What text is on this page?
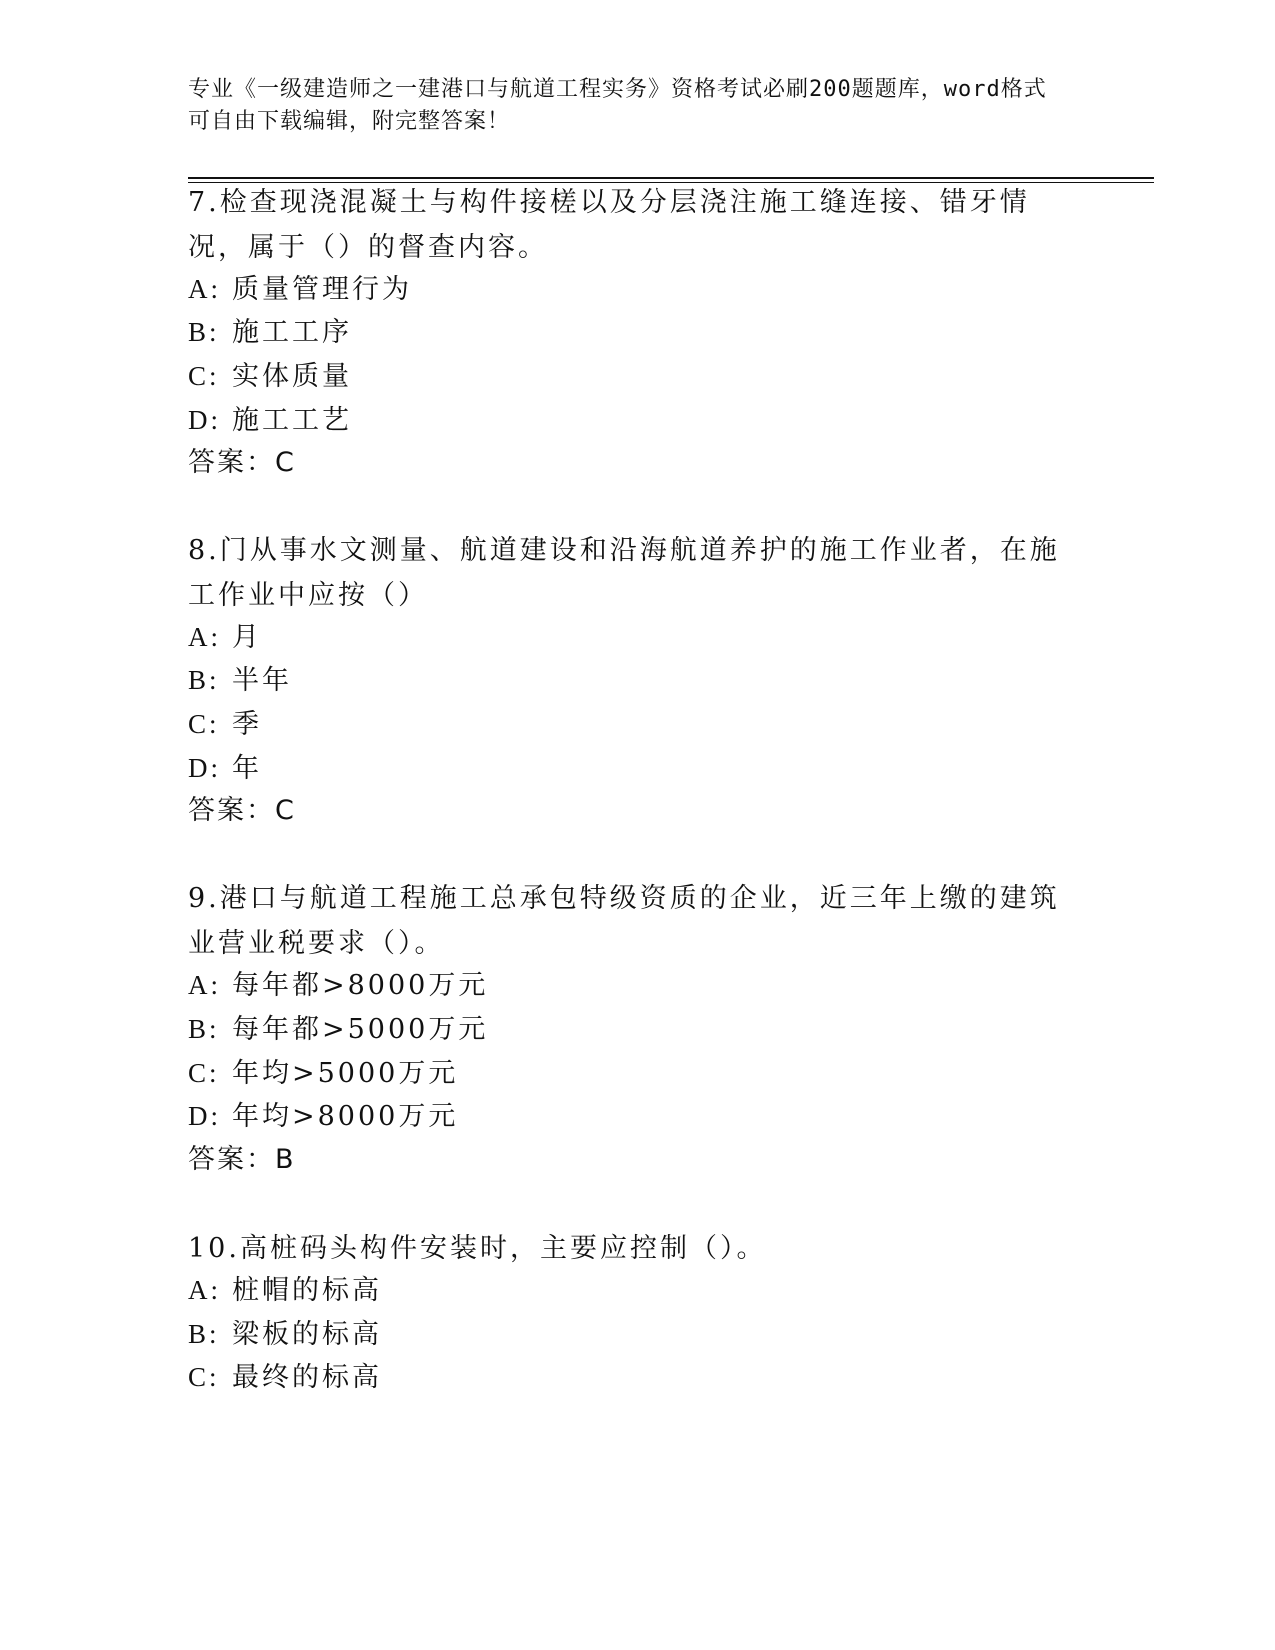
专业《一级建造师之一建港口与航道工程实务》资格考试必刷200题题库，word格式可自由下载编辑，附完整答案！

7.检查现浇混凝土与构件接槎以及分层浇注施工缝连接、错牙情况，属于（）的督查内容。

A: 质量管理行为

B: 施工工序

C: 实体质量

D: 施工工艺

答案：C

8.门从事水文测量、航道建设和沿海航道养护的施工作业者，在施工作业中应按（）

A: 月

B: 半年

C: 季

D: 年

答案：C

9.港口与航道工程施工总承包特级资质的企业，近三年上缴的建筑业营业税要求（）。

A: 每年都>8000万元

B: 每年都>5000万元

C: 年均>5000万元

D: 年均>8000万元

答案：B

10.高桩码头构件安装时，主要应控制（）。

A: 桩帽的标高

B: 梁板的标高

C: 最终的标高
